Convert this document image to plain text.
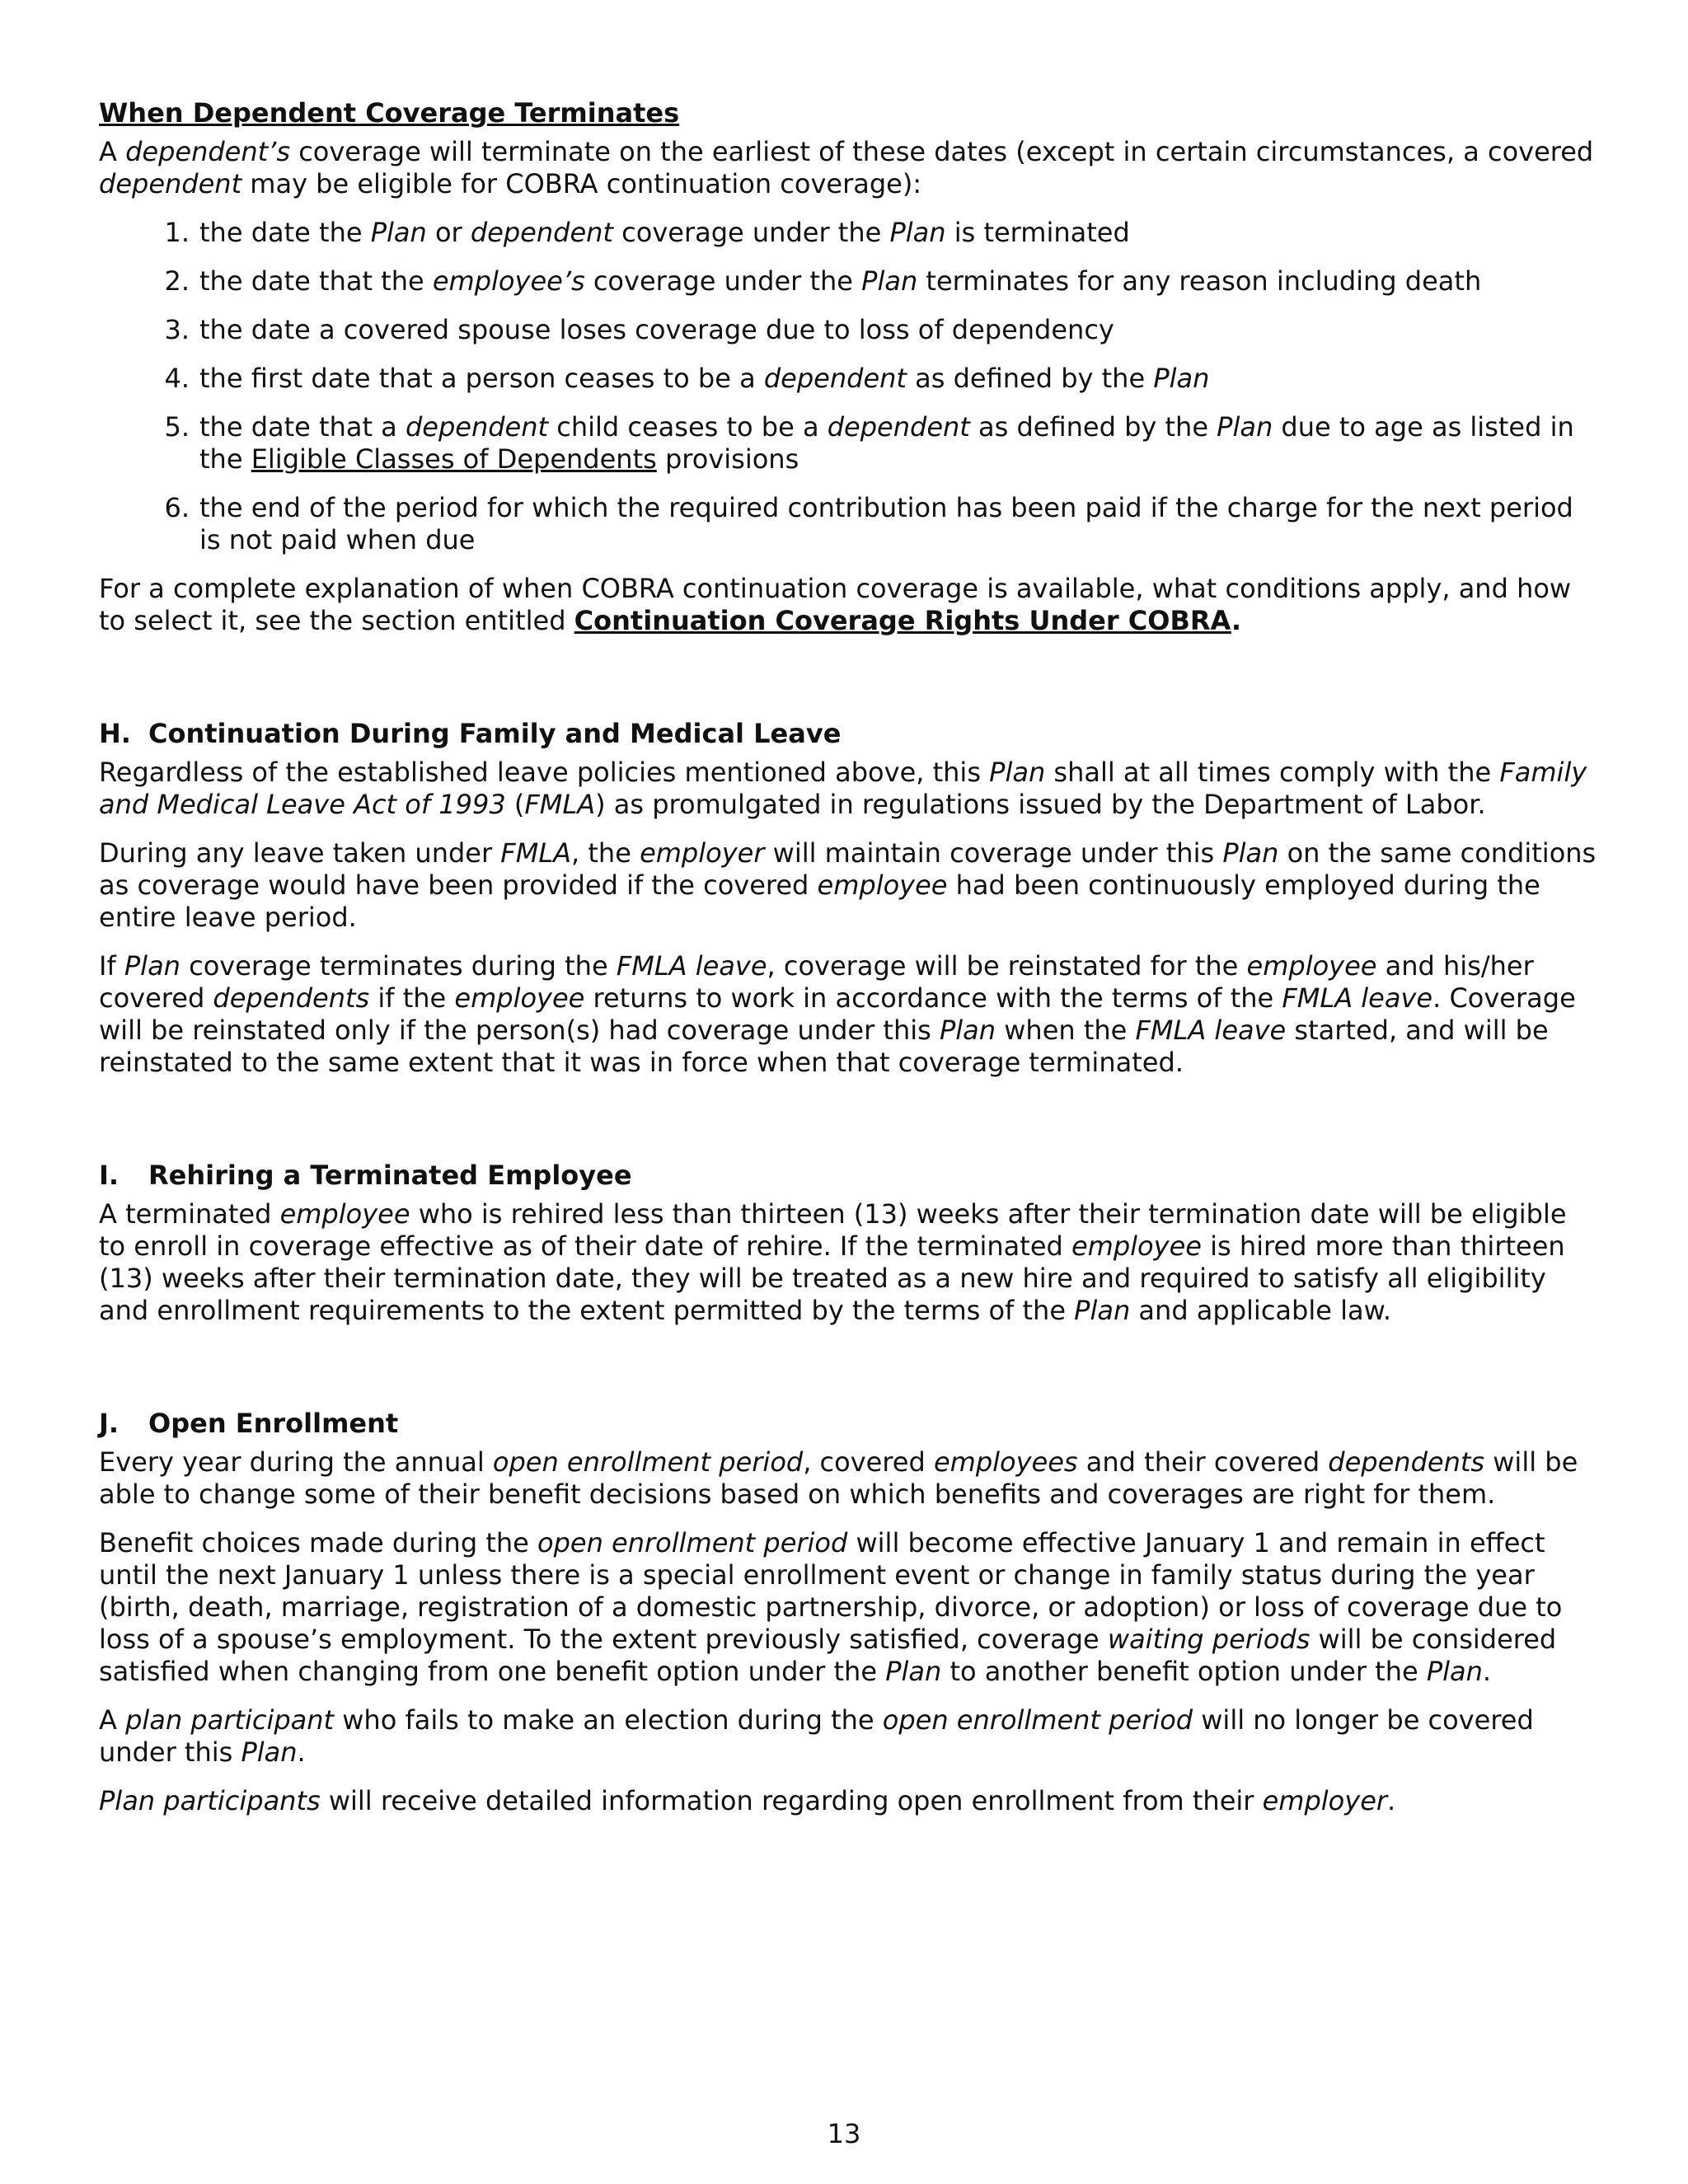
When Dependent Coverage Terminates

A dependent’s coverage will terminate on the earliest of these dates (except in certain circumstances, a covered dependent may be eligible for COBRA continuation coverage):

1. the date the Plan or dependent coverage under the Plan is terminated
2. the date that the employee’s coverage under the Plan terminates for any reason including death
3. the date a covered spouse loses coverage due to loss of dependency
4. the first date that a person ceases to be a dependent as defined by the Plan
5. the date that a dependent child ceases to be a dependent as defined by the Plan due to age as listed in the Eligible Classes of Dependents provisions
6. the end of the period for which the required contribution has been paid if the charge for the next period is not paid when due

For a complete explanation of when COBRA continuation coverage is available, what conditions apply, and how to select it, see the section entitled Continuation Coverage Rights Under COBRA.

H. Continuation During Family and Medical Leave

Regardless of the established leave policies mentioned above, this Plan shall at all times comply with the Family and Medical Leave Act of 1993 (FMLA) as promulgated in regulations issued by the Department of Labor.

During any leave taken under FMLA, the employer will maintain coverage under this Plan on the same conditions as coverage would have been provided if the covered employee had been continuously employed during the entire leave period.

If Plan coverage terminates during the FMLA leave, coverage will be reinstated for the employee and his/her covered dependents if the employee returns to work in accordance with the terms of the FMLA leave. Coverage will be reinstated only if the person(s) had coverage under this Plan when the FMLA leave started, and will be reinstated to the same extent that it was in force when that coverage terminated.

I. Rehiring a Terminated Employee

A terminated employee who is rehired less than thirteen (13) weeks after their termination date will be eligible to enroll in coverage effective as of their date of rehire. If the terminated employee is hired more than thirteen (13) weeks after their termination date, they will be treated as a new hire and required to satisfy all eligibility and enrollment requirements to the extent permitted by the terms of the Plan and applicable law.

J. Open Enrollment

Every year during the annual open enrollment period, covered employees and their covered dependents will be able to change some of their benefit decisions based on which benefits and coverages are right for them.

Benefit choices made during the open enrollment period will become effective January 1 and remain in effect until the next January 1 unless there is a special enrollment event or change in family status during the year (birth, death, marriage, registration of a domestic partnership, divorce, or adoption) or loss of coverage due to loss of a spouse’s employment. To the extent previously satisfied, coverage waiting periods will be considered satisfied when changing from one benefit option under the Plan to another benefit option under the Plan.

A plan participant who fails to make an election during the open enrollment period will no longer be covered under this Plan.

Plan participants will receive detailed information regarding open enrollment from their employer.

13
